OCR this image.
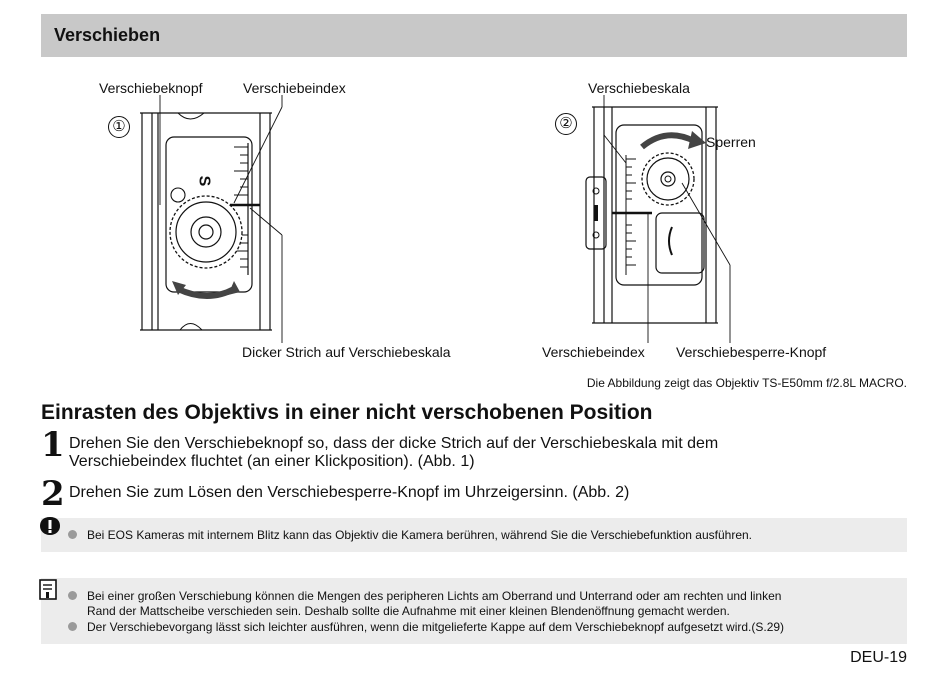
Verschieben
①
Verschiebeknopf	Verschiebeindex
Dicker Strich auf Verschiebeskala
S
②
Verschiebeskala
Sperren
Verschiebeindex Verschiebesperre-Knopf
Die Abbildung zeigt das Objektiv TS-E50mm f/2.8L MACRO.
Einrasten des Objektivs in einer nicht verschobenen Position
1 Drehen Sie den Verschiebeknopf so, dass der dicke Strich auf der Verschiebeskala mit dem
Verschiebeindex fluchtet (an einer Klickposition). (Abb. 1)
2 Drehen Sie zum Lösen den Verschiebesperre-Knopf im Uhrzeigersinn. (Abb. 2)
Bei EOS Kameras mit internem Blitz kann das Objektiv die Kamera berühren, während Sie die Verschiebefunktion ausführen.
Bei einer großen Verschiebung können die Mengen des peripheren Lichts am Oberrand und Unterrand oder am rechten und linken
Rand der Mattscheibe verschieden sein. Deshalb sollte die Aufnahme mit einer kleinen Blendenöffnung gemacht werden.
Der Verschiebevorgang lässt sich leichter ausführen, wenn die mitgelieferte Kappe auf dem Verschiebeknopf aufgesetzt wird.(S.29)
DEU-19
